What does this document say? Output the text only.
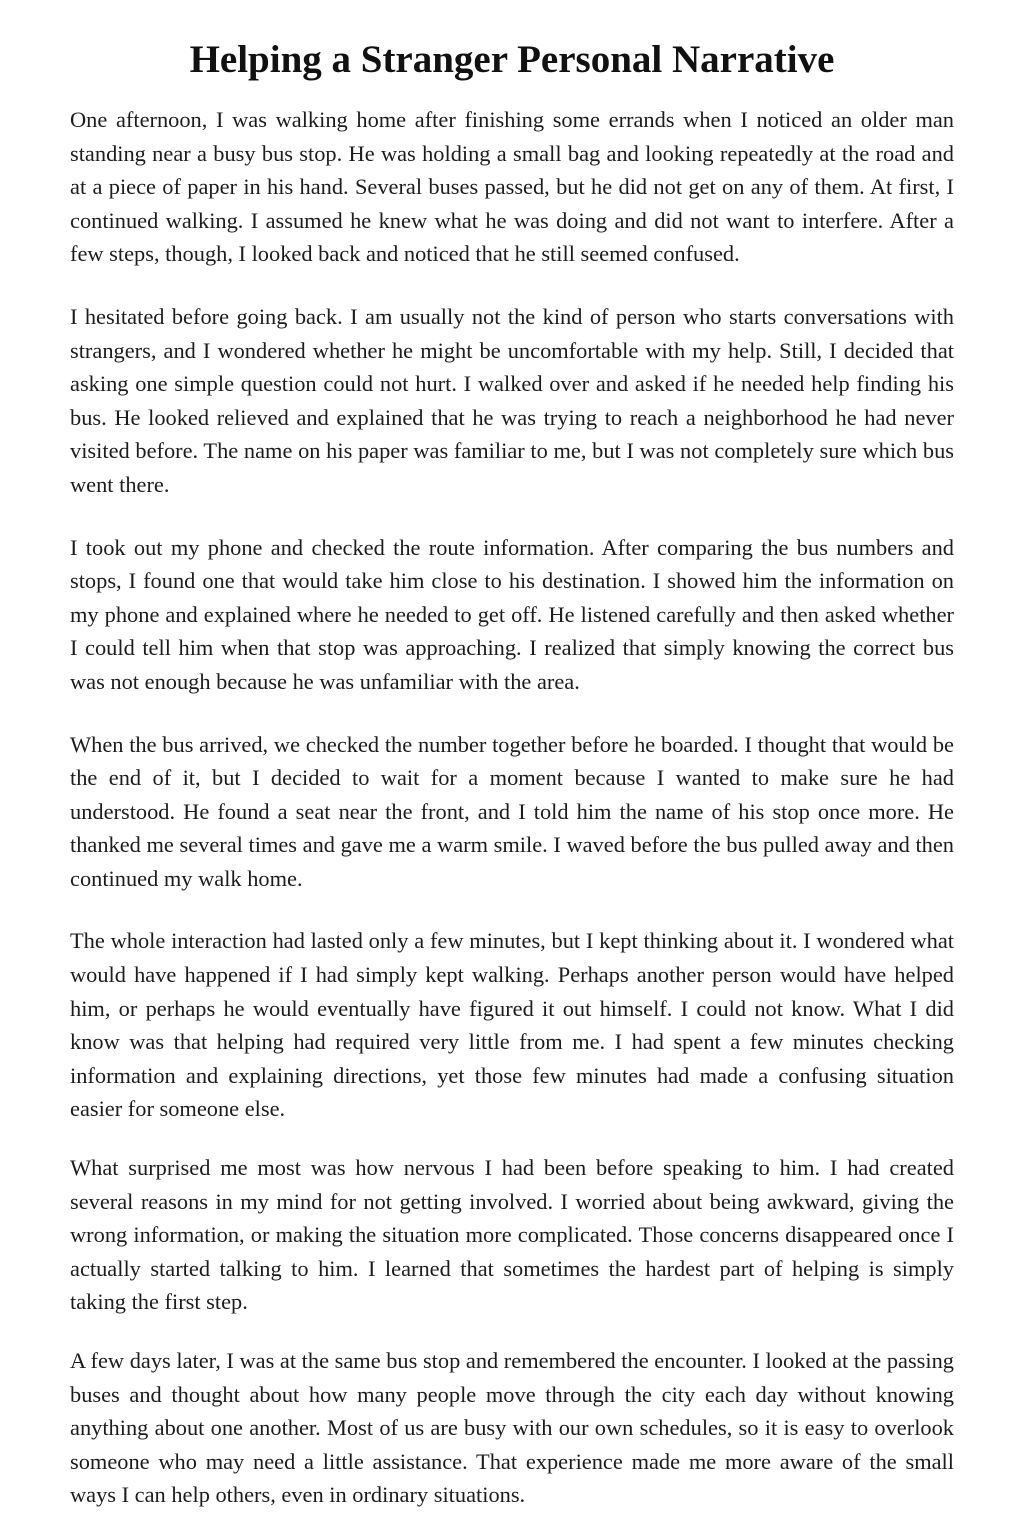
Helping a Stranger Personal Narrative

One afternoon, I was walking home after finishing some errands when I noticed an older man standing near a busy bus stop. He was holding a small bag and looking repeatedly at the road and at a piece of paper in his hand. Several buses passed, but he did not get on any of them. At first, I continued walking. I assumed he knew what he was doing and did not want to interfere. After a few steps, though, I looked back and noticed that he still seemed confused.

I hesitated before going back. I am usually not the kind of person who starts conversations with strangers, and I wondered whether he might be uncomfortable with my help. Still, I decided that asking one simple question could not hurt. I walked over and asked if he needed help finding his bus. He looked relieved and explained that he was trying to reach a neighborhood he had never visited before. The name on his paper was familiar to me, but I was not completely sure which bus went there.

I took out my phone and checked the route information. After comparing the bus numbers and stops, I found one that would take him close to his destination. I showed him the information on my phone and explained where he needed to get off. He listened carefully and then asked whether I could tell him when that stop was approaching. I realized that simply knowing the correct bus was not enough because he was unfamiliar with the area.

When the bus arrived, we checked the number together before he boarded. I thought that would be the end of it, but I decided to wait for a moment because I wanted to make sure he had understood. He found a seat near the front, and I told him the name of his stop once more. He thanked me several times and gave me a warm smile. I waved before the bus pulled away and then continued my walk home.

The whole interaction had lasted only a few minutes, but I kept thinking about it. I wondered what would have happened if I had simply kept walking. Perhaps another person would have helped him, or perhaps he would eventually have figured it out himself. I could not know. What I did know was that helping had required very little from me. I had spent a few minutes checking information and explaining directions, yet those few minutes had made a confusing situation easier for someone else.

What surprised me most was how nervous I had been before speaking to him. I had created several reasons in my mind for not getting involved. I worried about being awkward, giving the wrong information, or making the situation more complicated. Those concerns disappeared once I actually started talking to him. I learned that sometimes the hardest part of helping is simply taking the first step.

A few days later, I was at the same bus stop and remembered the encounter. I looked at the passing buses and thought about how many people move through the city each day without knowing anything about one another. Most of us are busy with our own schedules, so it is easy to overlook someone who may need a little assistance. That experience made me more aware of the small ways I can help others, even in ordinary situations.
